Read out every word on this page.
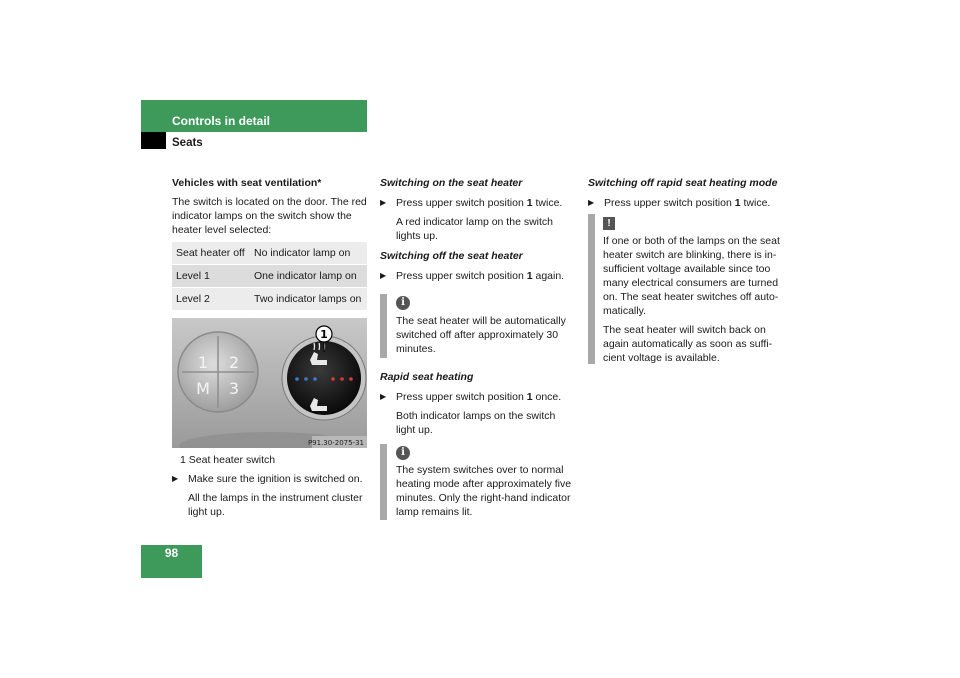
Controls in detail
Seats

Vehicles with seat ventilation*

The switch is located on the door. The red indicator lamps on the switch show the heater level selected:

Seat heater off	No indicator lamp on
Level 1	One indicator lamp on
Level 2	Two indicator lamps on
1 2
M 3
1
P91.30-2075-31

1 Seat heater switch

▶ Make sure the ignition is switched on.

All the lamps in the instrument cluster light up.

Switching on the seat heater

▶ Press upper switch position 1 twice.

A red indicator lamp on the switch lights up.

Switching off the seat heater

▶ Press upper switch position 1 again.

i

The seat heater will be automatically switched off after approximately 30 minutes.

Rapid seat heating

▶ Press upper switch position 1 once.

Both indicator lamps on the switch light up.

i

The system switches over to normal heating mode after approximately five minutes. Only the right-hand indicator lamp remains lit.

Switching off rapid seat heating mode

▶ Press upper switch position 1 twice.

!

If one or both of the lamps on the seat heater switch are blinking, there is in-sufficient voltage available since too many electrical consumers are turned on. The seat heater switches off auto-matically.

The seat heater will switch back on again automatically as soon as suffi-cient voltage is available.

98
